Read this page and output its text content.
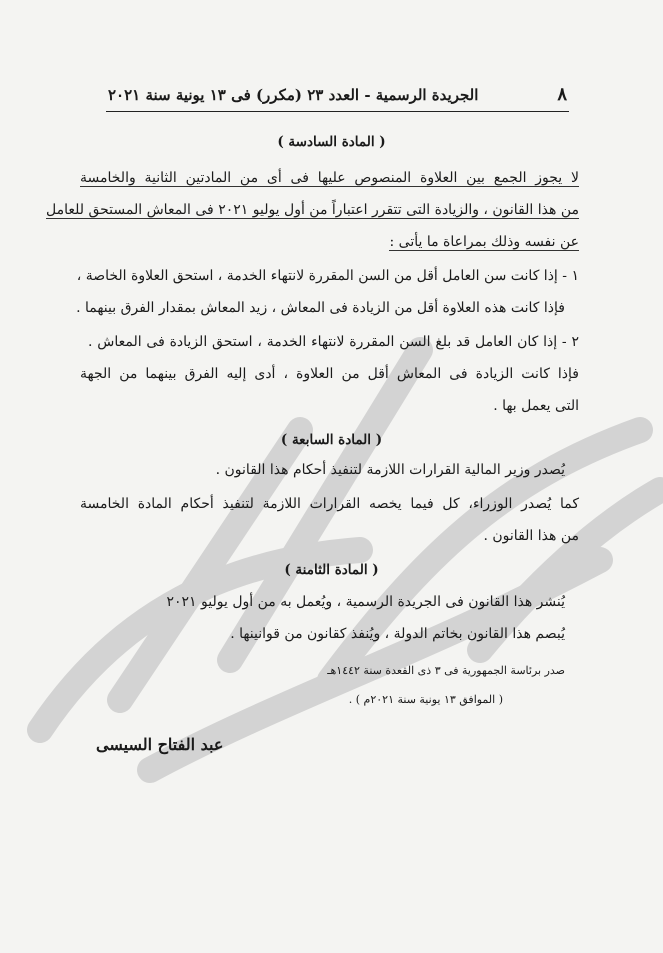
٨
الجريدة الرسمية - العدد ٢٣ (مكرر) فى ١٣ يونية سنة ٢٠٢١
( المادة السادسة )
لا يجوز الجمع بين العلاوة المنصوص عليها فى أى من المادتين الثانية والخامسة
من هذا القانون ، والزيادة التى تتقرر اعتباراً من أول يوليو ٢٠٢١ فى المعاش المستحق للعامل
عن نفسه وذلك بمراعاة ما يأتى :
١ - إذا كانت سن العامل أقل من السن المقررة لانتهاء الخدمة ، استحق العلاوة الخاصة ،
فإذا كانت هذه العلاوة أقل من الزيادة فى المعاش ، زيد المعاش بمقدار الفرق بينهما .
٢ - إذا كان العامل قد بلغ السن المقررة لانتهاء الخدمة ، استحق الزيادة فى المعاش .
فإذا كانت الزيادة فى المعاش أقل من العلاوة ، أدى إليه الفرق بينهما من الجهة
التى يعمل بها .
( المادة السابعة )
يُصدر وزير المالية القرارات اللازمة لتنفيذ أحكام هذا القانون .
كما يُصدر الوزراء، كل فيما يخصه القرارات اللازمة لتنفيذ أحكام المادة الخامسة
من هذا القانون .
( المادة الثامنة )
يُنشر هذا القانون فى الجريدة الرسمية ، ويُعمل به من أول يوليو ٢٠٢١
يُبصم هذا القانون بخاتم الدولة ، ويُنفذ كقانون من قوانينها .
صدر برئاسة الجمهورية فى ٣ ذى القعدة سنة ١٤٤٢هـ
( الموافق ١٣ يونية سنة ٢٠٢١م ) .
عبد الفتاح السيسى
